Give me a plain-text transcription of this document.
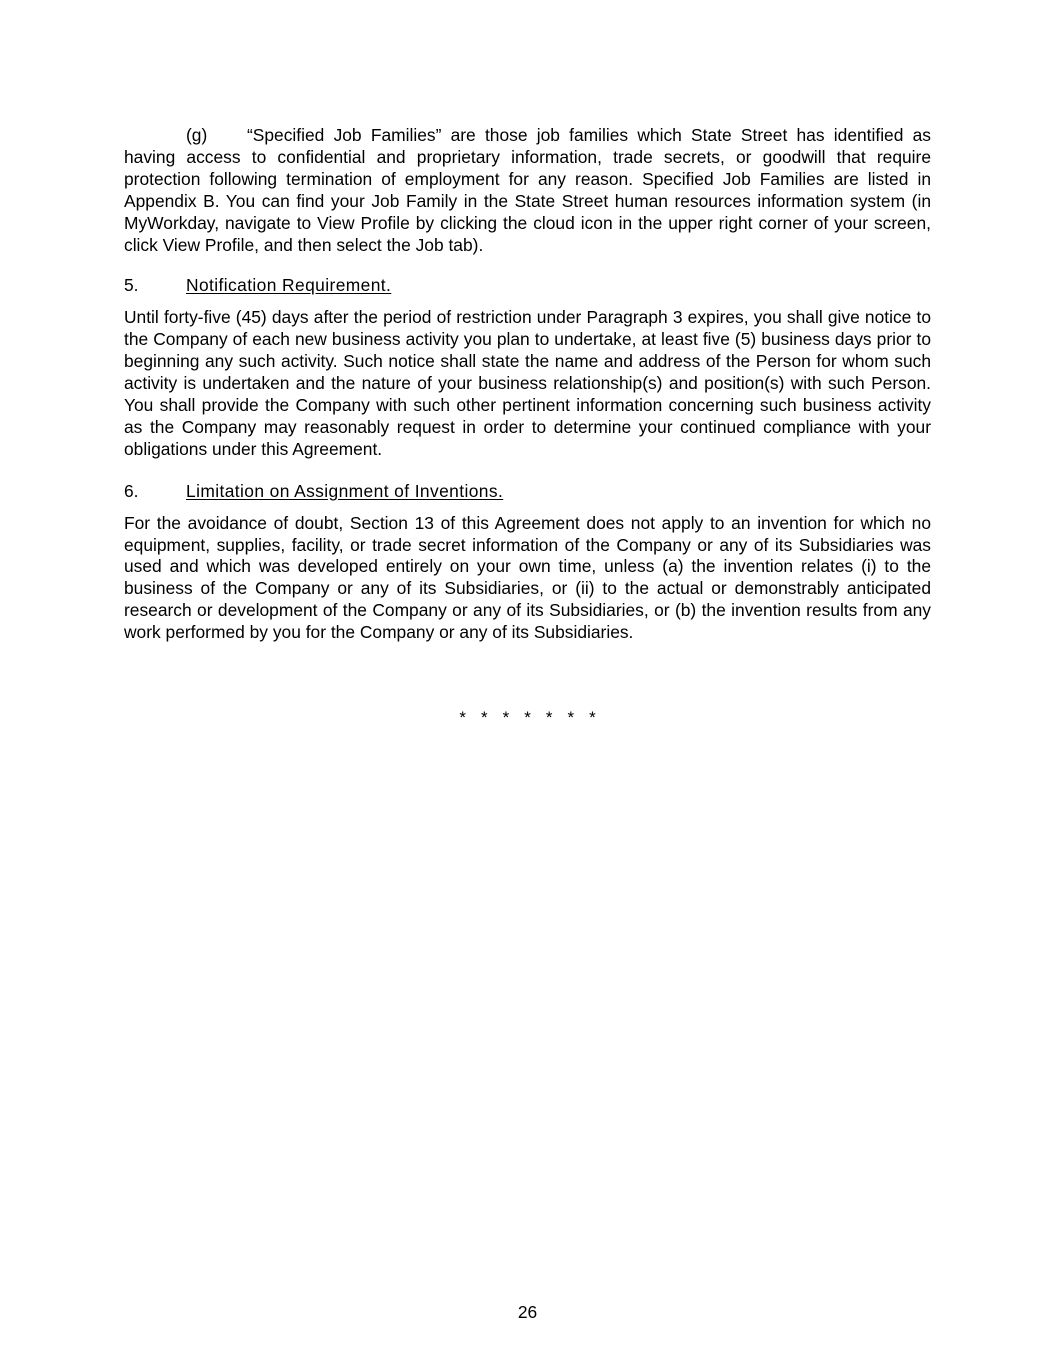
(g) “Specified Job Families” are those job families which State Street has identified as having access to confidential and proprietary information, trade secrets, or goodwill that require protection following termination of employment for any reason. Specified Job Families are listed in Appendix B. You can find your Job Family in the State Street human resources information system (in MyWorkday, navigate to View Profile by clicking the cloud icon in the upper right corner of your screen, click View Profile, and then select the Job tab).

5.	Notification Requirement.

Until forty-five (45) days after the period of restriction under Paragraph 3 expires, you shall give notice to the Company of each new business activity you plan to undertake, at least five (5) business days prior to beginning any such activity. Such notice shall state the name and address of the Person for whom such activity is undertaken and the nature of your business relationship(s) and position(s) with such Person. You shall provide the Company with such other pertinent information concerning such business activity as the Company may reasonably request in order to determine your continued compliance with your obligations under this Agreement.

6.	Limitation on Assignment of Inventions.

For the avoidance of doubt, Section 13 of this Agreement does not apply to an invention for which no equipment, supplies, facility, or trade secret information of the Company or any of its Subsidiaries was used and which was developed entirely on your own time, unless (a) the invention relates (i) to the business of the Company or any of its Subsidiaries, or (ii) to the actual or demonstrably anticipated research or development of the Company or any of its Subsidiaries, or (b) the invention results from any work performed by you for the Company or any of its Subsidiaries.

* * * * * * *
26
